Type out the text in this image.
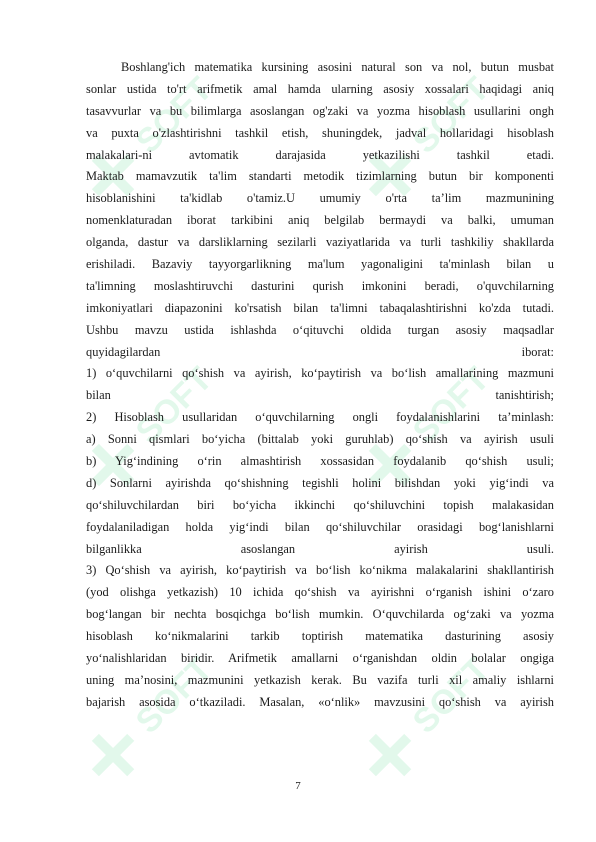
SOFT	SOFT
SOFT	SOFT
SOFT	SOFT
Boshlang'ich matematika kursining asosini natural son va nol, butun musbat
sonlar ustida to'rt arifmetik amal hamda ularning asosiy xossalari haqidagi aniq
tasavvurlar va bu bilimlarga asoslangan og'zaki va yozma hisoblash usullarini ongh
va puxta o'zlashtirishni tashkil etish, shuningdek, jadval hollaridagi hisoblash
malakalari-ni avtomatik darajasida yetkazilishi tashkil etadi.
Maktab mamavzutik ta'lim standarti metodik tizimlarning butun bir komponenti
hisoblanishini ta'kidlab o'tamiz.U umumiy o'rta ta’lim mazmunining
nomenklaturadan iborat tarkibini aniq belgilab bermaydi va balki, umuman
olganda, dastur va darsliklarning sezilarli vaziyatlarida va turli tashkiliy shakllarda
erishiladi. Bazaviy tayyorgarlikning ma'lum yagonaligini ta'minlash bilan u
ta'limning moslashtiruvchi dasturini qurish imkonini beradi, o'quvchilarning
imkoniyatlari diapazonini ko'rsatish bilan ta'limni tabaqalashtirishni ko'zda tutadi.
Ushbu mavzu ustida ishlashda o‘qituvchi oldida turgan asosiy maqsadlar
quyidagilardan iborat:
1) o‘quvchilarni qo‘shish va ayirish, ko‘paytirish va bo‘lish amallarining mazmuni
bilan tanishtirish;
2) Hisoblash usullaridan o‘quvchilarning ongli foydalanishlarini ta’minlash:
a) Sonni qismlari bo‘yicha (bittalab yoki guruhlab) qo‘shish va ayirish usuli
b) Yig‘indining o‘rin almashtirish xossasidan foydalanib qo‘shish usuli;
d) Sonlarni ayirishda qo‘shishning tegishli holini bilishdan yoki yig‘indi va
qo‘shiluvchilardan biri bo‘yicha ikkinchi qo‘shiluvchini topish malakasidan
foydalaniladigan holda yig‘indi bilan qo‘shiluvchilar orasidagi bog‘lanishlarni
bilganlikka asoslangan ayirish usuli.
3) Qo‘shish va ayirish, ko‘paytirish va bo‘lish ko‘nikma malakalarini shakllantirish
(yod olishga yetkazish) 10 ichida qo‘shish va ayirishni o‘rganish ishini o‘zaro
bog‘langan bir nechta bosqichga bo‘lish mumkin. O‘quvchilarda og‘zaki va yozma
hisoblash ko‘nikmalarini tarkib toptirish matematika dasturining asosiy
yo‘nalishlaridan biridir. Arifmetik amallarni o‘rganishdan oldin bolalar ongiga
uning ma’nosini, mazmunini yetkazish kerak. Bu vazifa turli xil amaliy ishlarni
bajarish asosida o‘tkaziladi. Masalan, «o‘nlik» mavzusini qo‘shish va ayirish
7
